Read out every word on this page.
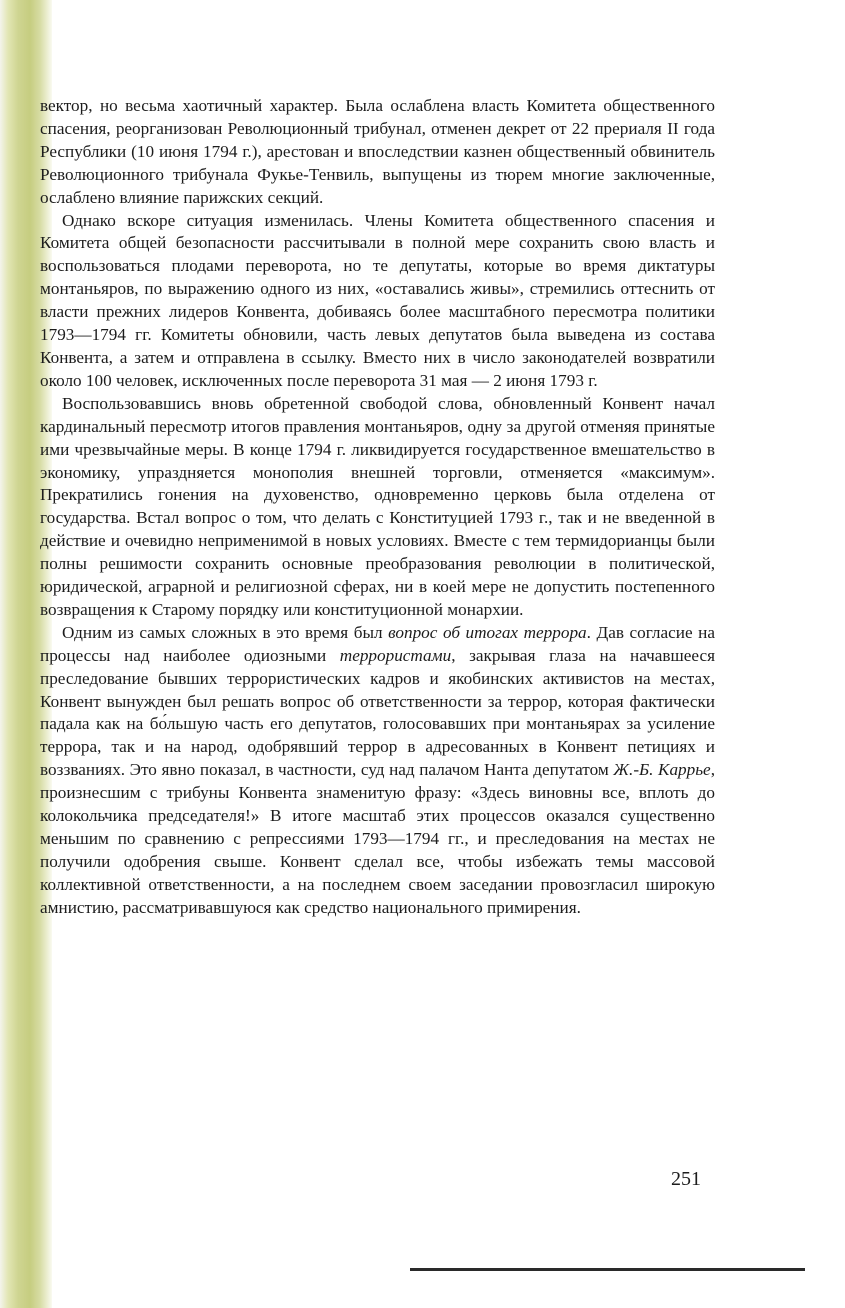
вектор, но весьма хаотичный характер. Была ослаблена власть Комитета общественного спасения, реорганизован Революционный трибунал, отменен декрет от 22 прериаля II года Республики (10 июня 1794 г.), арестован и впоследствии казнен общественный обвинитель Революционного трибунала Фукье-Тенвиль, выпущены из тюрем многие заключенные, ослаблено влияние парижских секций.

Однако вскоре ситуация изменилась. Члены Комитета общественного спасения и Комитета общей безопасности рассчитывали в полной мере сохранить свою власть и воспользоваться плодами переворота, но те депутаты, которые во время диктатуры монтаньяров, по выражению одного из них, «оставались живы», стремились оттеснить от власти прежних лидеров Конвента, добиваясь более масштабного пересмотра политики 1793—1794 гг. Комитеты обновили, часть левых депутатов была выведена из состава Конвента, а затем и отправлена в ссылку. Вместо них в число законодателей возвратили около 100 человек, исключенных после переворота 31 мая — 2 июня 1793 г.

Воспользовавшись вновь обретенной свободой слова, обновленный Конвент начал кардинальный пересмотр итогов правления монтаньяров, одну за другой отменяя принятые ими чрезвычайные меры. В конце 1794 г. ликвидируется государственное вмешательство в экономику, упраздняется монополия внешней торговли, отменяется «максимум». Прекратились гонения на духовенство, одновременно церковь была отделена от государства. Встал вопрос о том, что делать с Конституцией 1793 г., так и не введенной в действие и очевидно неприменимой в новых условиях. Вместе с тем термидорианцы были полны решимости сохранить основные преобразования революции в политической, юридической, аграрной и религиозной сферах, ни в коей мере не допустить постепенного возвращения к Старому порядку или конституционной монархии.

Одним из самых сложных в это время был вопрос об итогах террора. Дав согласие на процессы над наиболее одиозными террористами, закрывая глаза на начавшееся преследование бывших террористических кадров и якобинских активистов на местах, Конвент вынужден был решать вопрос об ответственности за террор, которая фактически падала как на бо́льшую часть его депутатов, голосовавших при монтаньярах за усиление террора, так и на народ, одобрявший террор в адресованных в Конвент петициях и воззваниях. Это явно показал, в частности, суд над палачом Нанта депутатом Ж.-Б. Каррье, произнесшим с трибуны Конвента знаменитую фразу: «Здесь виновны все, вплоть до колокольчика председателя!» В итоге масштаб этих процессов оказался существенно меньшим по сравнению с репрессиями 1793—1794 гг., и преследования на местах не получили одобрения свыше. Конвент сделал все, чтобы избежать темы массовой коллективной ответственности, а на последнем своем заседании провозгласил широкую амнистию, рассматривавшуюся как средство национального примирения.

251
